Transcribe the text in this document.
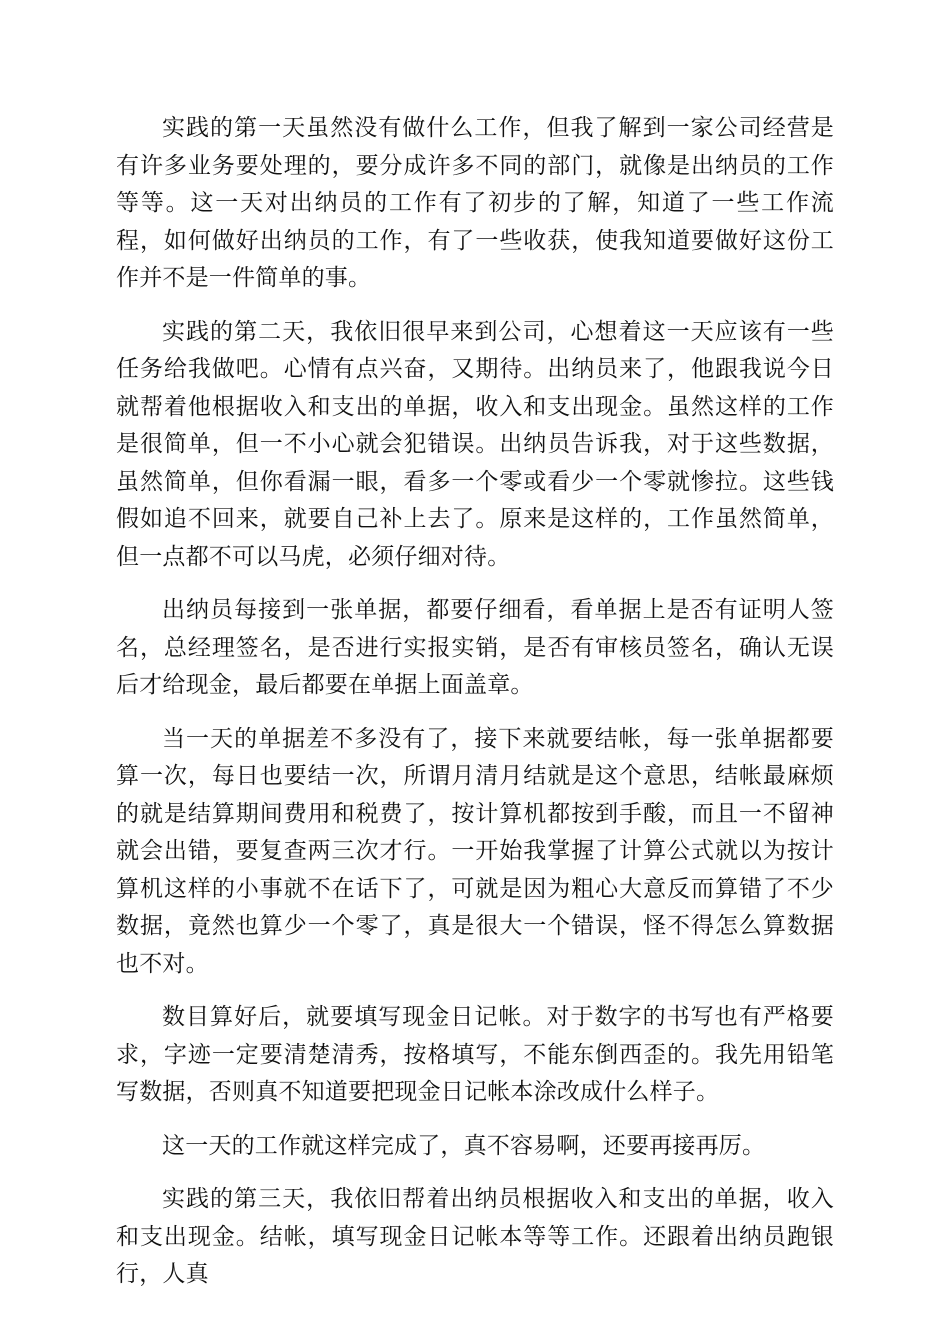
实践的第一天虽然没有做什么工作，但我了解到一家公司经营是有许多业务要处理的，要分成许多不同的部门，就像是出纳员的工作等等。这一天对出纳员的工作有了初步的了解，知道了一些工作流程，如何做好出纳员的工作，有了一些收获，使我知道要做好这份工作并不是一件简单的事。

实践的第二天，我依旧很早来到公司，心想着这一天应该有一些任务给我做吧。心情有点兴奋，又期待。出纳员来了，他跟我说今日就帮着他根据收入和支出的单据，收入和支出现金。虽然这样的工作是很简单，但一不小心就会犯错误。出纳员告诉我，对于这些数据，虽然简单，但你看漏一眼，看多一个零或看少一个零就惨拉。这些钱假如追不回来，就要自己补上去了。原来是这样的，工作虽然简单，但一点都不可以马虎，必须仔细对待。

出纳员每接到一张单据，都要仔细看，看单据上是否有证明人签名，总经理签名，是否进行实报实销，是否有审核员签名，确认无误后才给现金，最后都要在单据上面盖章。

当一天的单据差不多没有了，接下来就要结帐，每一张单据都要算一次，每日也要结一次，所谓月清月结就是这个意思，结帐最麻烦的就是结算期间费用和税费了，按计算机都按到手酸，而且一不留神就会出错，要复查两三次才行。一开始我掌握了计算公式就以为按计算机这样的小事就不在话下了，可就是因为粗心大意反而算错了不少数据，竟然也算少一个零了，真是很大一个错误，怪不得怎么算数据也不对。

数目算好后，就要填写现金日记帐。对于数字的书写也有严格要求，字迹一定要清楚清秀，按格填写，不能东倒西歪的。我先用铅笔写数据，否则真不知道要把现金日记帐本涂改成什么样子。

这一天的工作就这样完成了，真不容易啊，还要再接再厉。

实践的第三天，我依旧帮着出纳员根据收入和支出的单据，收入和支出现金。结帐，填写现金日记帐本等等工作。还跟着出纳员跑银行，人真
